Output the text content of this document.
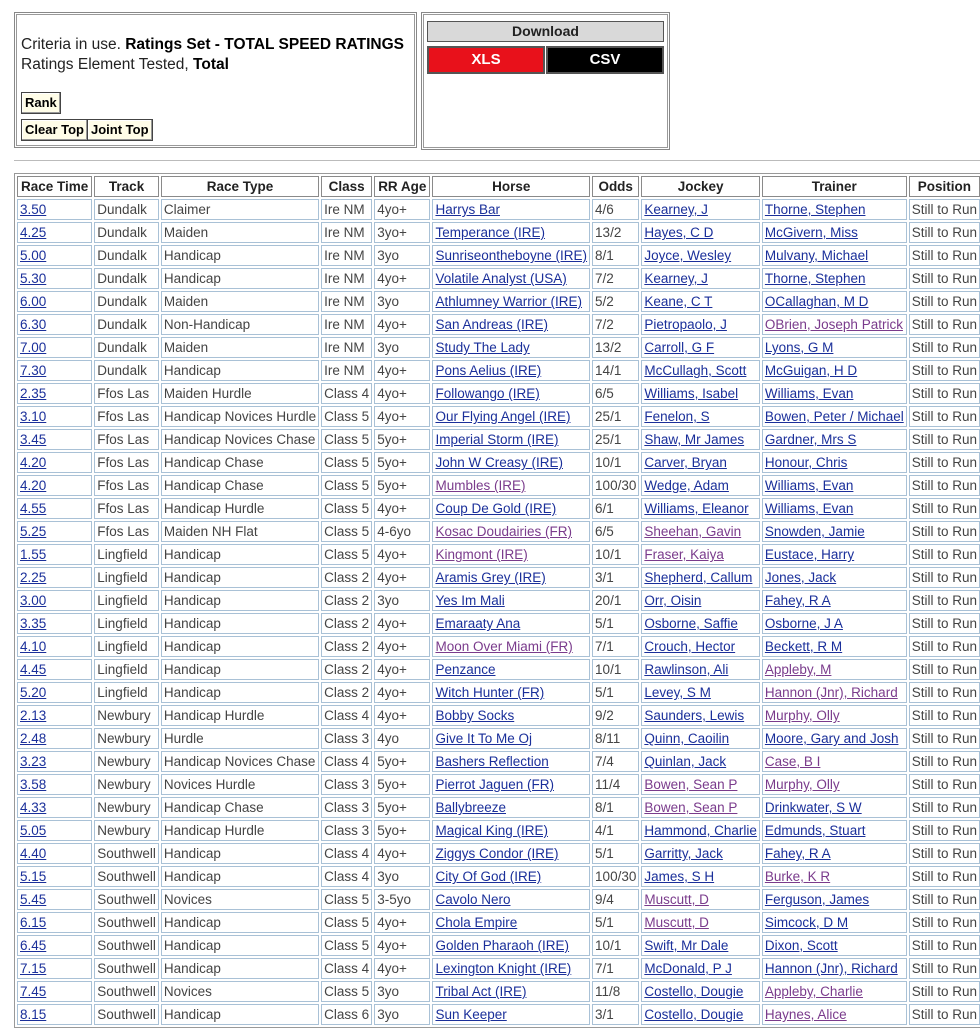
Criteria in use. Ratings Set - TOTAL SPEED RATINGS
Ratings Element Tested, Total
Rank
Clear Top Joint Top
Download
XLS	CSV
Race Time	Track	Race Type	Class	RR Age	Horse	Odds	Jockey	Trainer	Position
3.50	Dundalk	Claimer	Ire NM	4yo+	Harrys Bar	4/6	Kearney, J	Thorne, Stephen	Still to Run
4.25	Dundalk	Maiden	Ire NM	3yo+	Temperance (IRE)	13/2	Hayes, C D	McGivern, Miss	Still to Run
5.00	Dundalk	Handicap	Ire NM	3yo	Sunriseontheboyne (IRE)	8/1	Joyce, Wesley	Mulvany, Michael	Still to Run
5.30	Dundalk	Handicap	Ire NM	4yo+	Volatile Analyst (USA)	7/2	Kearney, J	Thorne, Stephen	Still to Run
6.00	Dundalk	Maiden	Ire NM	3yo	Athlumney Warrior (IRE)	5/2	Keane, C T	OCallaghan, M D	Still to Run
6.30	Dundalk	Non-Handicap	Ire NM	4yo+	San Andreas (IRE)	7/2	Pietropaolo, J	OBrien, Joseph Patrick	Still to Run
7.00	Dundalk	Maiden	Ire NM	3yo	Study The Lady	13/2	Carroll, G F	Lyons, G M	Still to Run
7.30	Dundalk	Handicap	Ire NM	4yo+	Pons Aelius (IRE)	14/1	McCullagh, Scott	McGuigan, H D	Still to Run
2.35	Ffos Las	Maiden Hurdle	Class 4	4yo+	Followango (IRE)	6/5	Williams, Isabel	Williams, Evan	Still to Run
3.10	Ffos Las	Handicap Novices Hurdle	Class 5	4yo+	Our Flying Angel (IRE)	25/1	Fenelon, S	Bowen, Peter / Michael	Still to Run
3.45	Ffos Las	Handicap Novices Chase	Class 5	5yo+	Imperial Storm (IRE)	25/1	Shaw, Mr James	Gardner, Mrs S	Still to Run
4.20	Ffos Las	Handicap Chase	Class 5	5yo+	John W Creasy (IRE)	10/1	Carver, Bryan	Honour, Chris	Still to Run
4.20	Ffos Las	Handicap Chase	Class 5	5yo+	Mumbles (IRE)	100/30	Wedge, Adam	Williams, Evan	Still to Run
4.55	Ffos Las	Handicap Hurdle	Class 5	4yo+	Coup De Gold (IRE)	6/1	Williams, Eleanor	Williams, Evan	Still to Run
5.25	Ffos Las	Maiden NH Flat	Class 5	4-6yo	Kosac Doudairies (FR)	6/5	Sheehan, Gavin	Snowden, Jamie	Still to Run
1.55	Lingfield	Handicap	Class 5	4yo+	Kingmont (IRE)	10/1	Fraser, Kaiya	Eustace, Harry	Still to Run
2.25	Lingfield	Handicap	Class 2	4yo+	Aramis Grey (IRE)	3/1	Shepherd, Callum	Jones, Jack	Still to Run
3.00	Lingfield	Handicap	Class 2	3yo	Yes Im Mali	20/1	Orr, Oisin	Fahey, R A	Still to Run
3.35	Lingfield	Handicap	Class 2	4yo+	Emaraaty Ana	5/1	Osborne, Saffie	Osborne, J A	Still to Run
4.10	Lingfield	Handicap	Class 2	4yo+	Moon Over Miami (FR)	7/1	Crouch, Hector	Beckett, R M	Still to Run
4.45	Lingfield	Handicap	Class 2	4yo+	Penzance	10/1	Rawlinson, Ali	Appleby, M	Still to Run
5.20	Lingfield	Handicap	Class 2	4yo+	Witch Hunter (FR)	5/1	Levey, S M	Hannon (Jnr), Richard	Still to Run
2.13	Newbury	Handicap Hurdle	Class 4	4yo+	Bobby Socks	9/2	Saunders, Lewis	Murphy, Olly	Still to Run
2.48	Newbury	Hurdle	Class 3	4yo	Give It To Me Oj	8/11	Quinn, Caoilin	Moore, Gary and Josh	Still to Run
3.23	Newbury	Handicap Novices Chase	Class 4	5yo+	Bashers Reflection	7/4	Quinlan, Jack	Case, B I	Still to Run
3.58	Newbury	Novices Hurdle	Class 3	5yo+	Pierrot Jaguen (FR)	11/4	Bowen, Sean P	Murphy, Olly	Still to Run
4.33	Newbury	Handicap Chase	Class 3	5yo+	Ballybreeze	8/1	Bowen, Sean P	Drinkwater, S W	Still to Run
5.05	Newbury	Handicap Hurdle	Class 3	5yo+	Magical King (IRE)	4/1	Hammond, Charlie	Edmunds, Stuart	Still to Run
4.40	Southwell	Handicap	Class 4	4yo+	Ziggys Condor (IRE)	5/1	Garritty, Jack	Fahey, R A	Still to Run
5.15	Southwell	Handicap	Class 4	3yo	City Of God (IRE)	100/30	James, S H	Burke, K R	Still to Run
5.45	Southwell	Novices	Class 5	3-5yo	Cavolo Nero	9/4	Muscutt, D	Ferguson, James	Still to Run
6.15	Southwell	Handicap	Class 5	4yo+	Chola Empire	5/1	Muscutt, D	Simcock, D M	Still to Run
6.45	Southwell	Handicap	Class 5	4yo+	Golden Pharaoh (IRE)	10/1	Swift, Mr Dale	Dixon, Scott	Still to Run
7.15	Southwell	Handicap	Class 4	4yo+	Lexington Knight (IRE)	7/1	McDonald, P J	Hannon (Jnr), Richard	Still to Run
7.45	Southwell	Novices	Class 5	3yo	Tribal Act (IRE)	11/8	Costello, Dougie	Appleby, Charlie	Still to Run
8.15	Southwell	Handicap	Class 6	3yo	Sun Keeper	3/1	Costello, Dougie	Haynes, Alice	Still to Run
